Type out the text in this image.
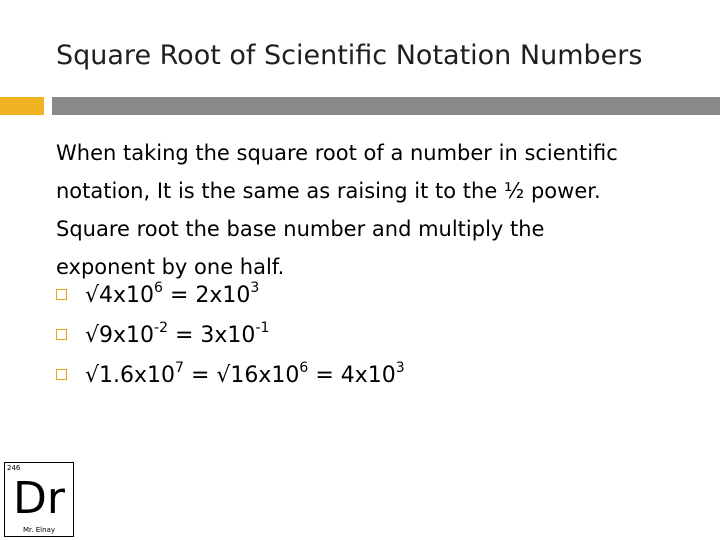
Square Root of Scientific Notation Numbers
When taking the square root of a number in scientific
notation, It is the same as raising it to the ½ power.
Square root the base number and multiply the
exponent by one half.
$√4x10^6 = 2x10^3$
$√9x10^{-2} = 3x10^{-1}$
$√1.6x10^7 = √16x10^6 = 4x10^3$
246
Dr
Mr. Elnay
